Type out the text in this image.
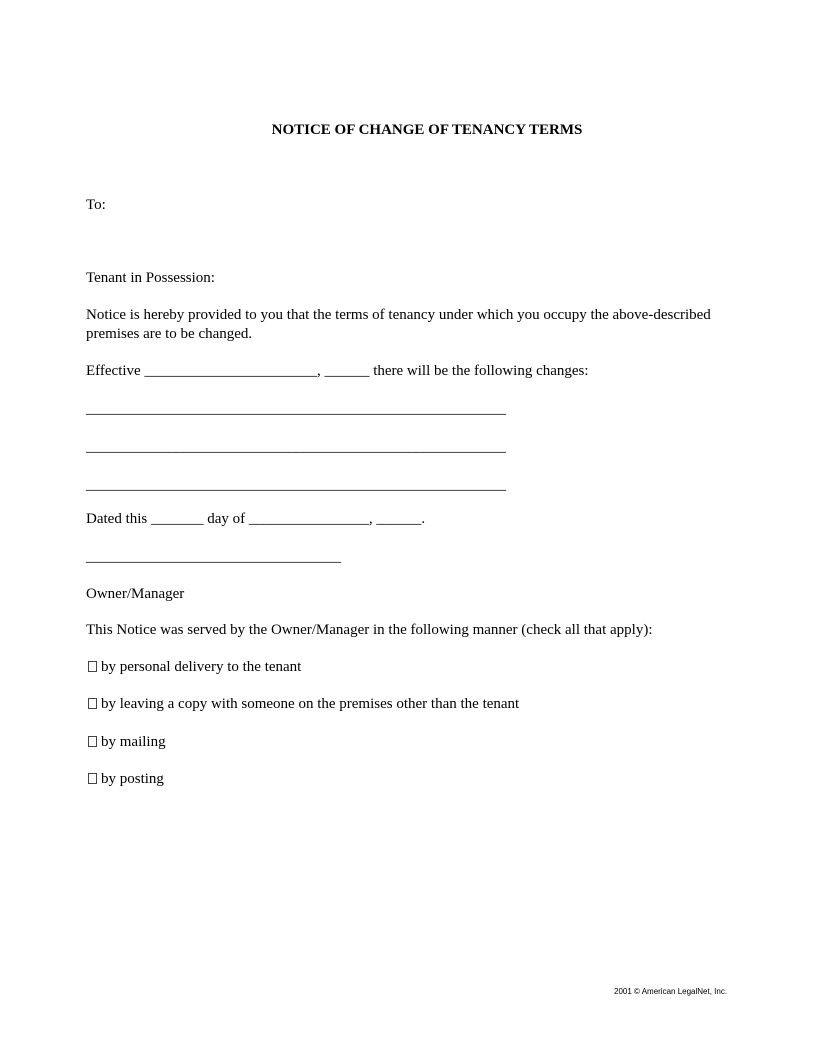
NOTICE OF CHANGE OF TENANCY TERMS
To:
Tenant in Possession:
Notice is hereby provided to you that the terms of tenancy under which you occupy the above-described premises are to be changed.
Effective _______________________, ______ there will be the following changes:
________________________________________________________
________________________________________________________
________________________________________________________
Dated this _______ day of ________________, ______.
__________________________________
Owner/Manager
This Notice was served by the Owner/Manager in the following manner (check all that apply):
by personal delivery to the tenant
by leaving a copy with someone on the premises other than the tenant
by mailing
by posting
2001 © American LegalNet, Inc.
